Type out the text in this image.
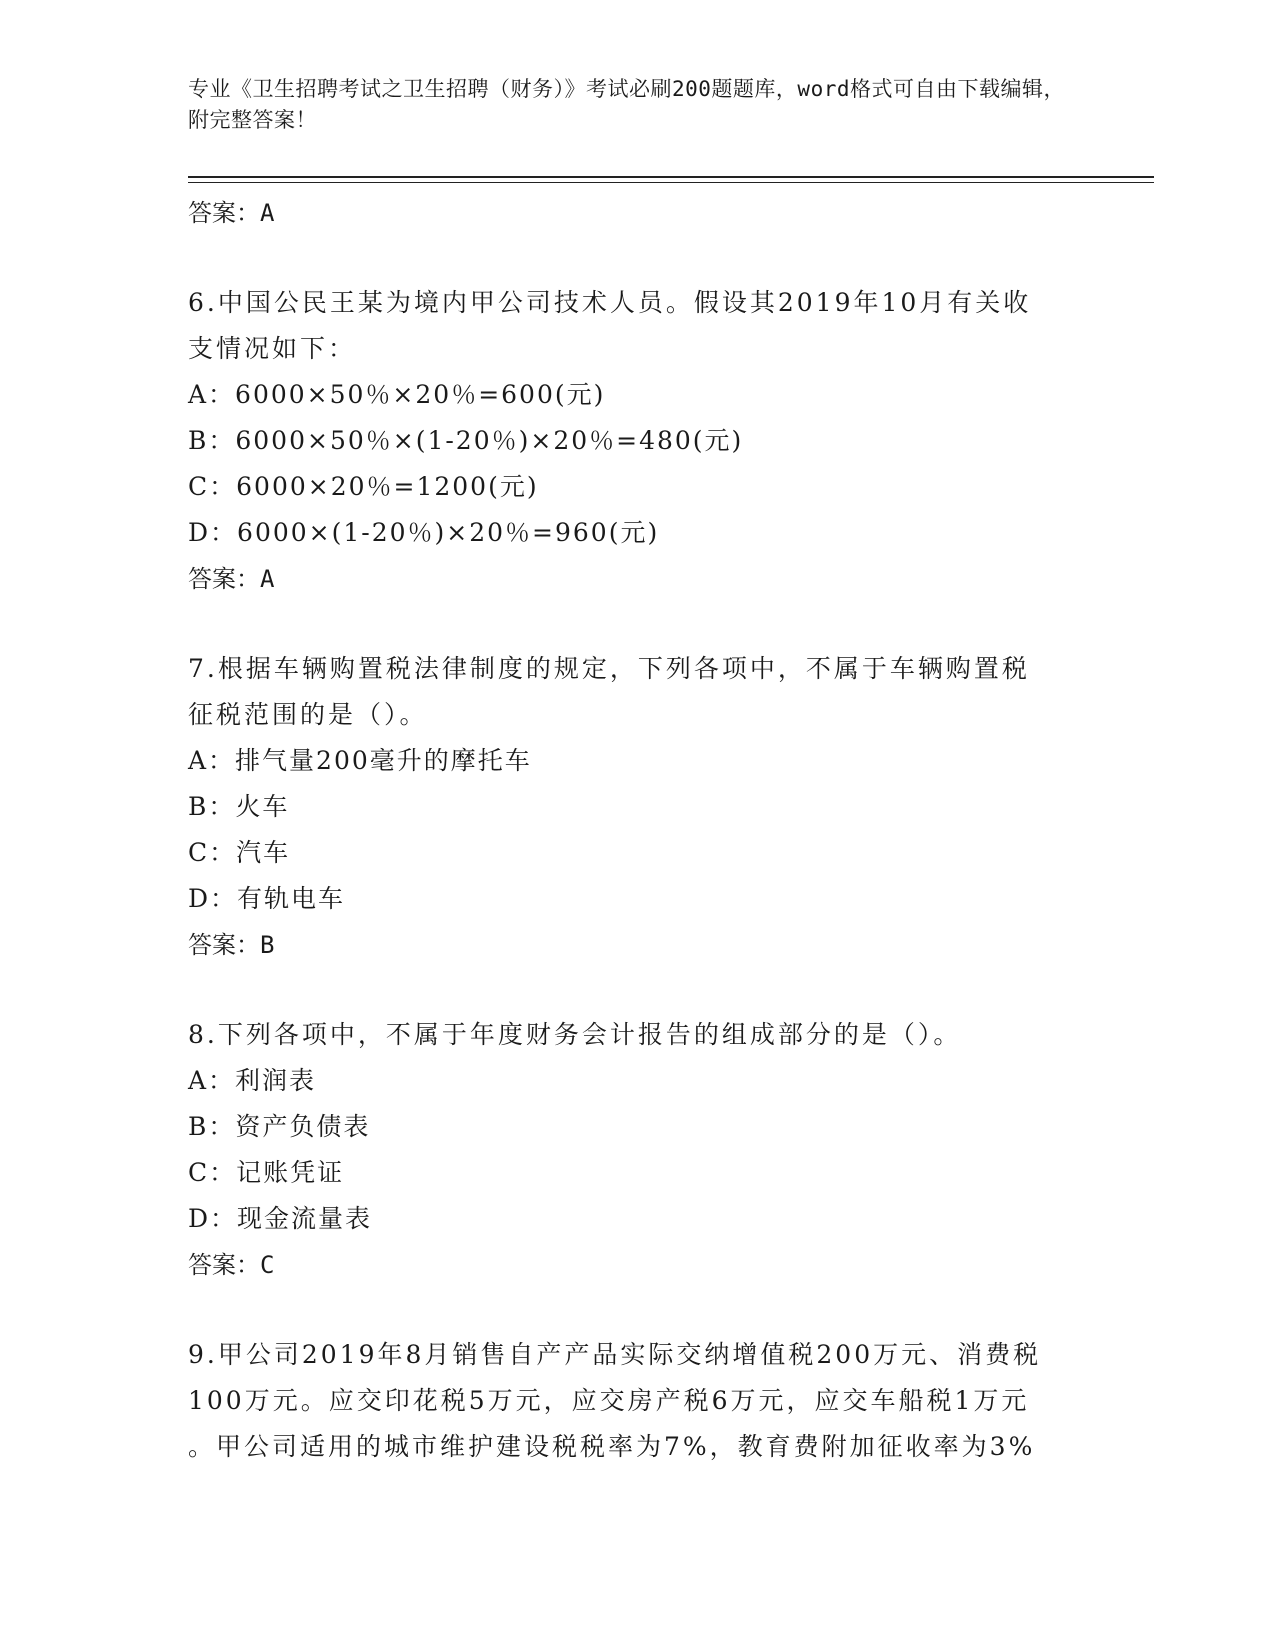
专业《卫生招聘考试之卫生招聘（财务）》考试必刷200题题库，word格式可自由下载编辑，附完整答案！
答案：A
6.中国公民王某为境内甲公司技术人员。假设其2019年10月有关收
支情况如下：
A：6000×50％×20％=600(元)
B：6000×50％×(1-20％)×20％=480(元)
C：6000×20％=1200(元)
D：6000×(1-20％)×20％=960(元)
答案：A
7.根据车辆购置税法律制度的规定，下列各项中，不属于车辆购置税
征税范围的是（）。
A：排气量200毫升的摩托车
B：火车
C：汽车
D：有轨电车
答案：B
8.下列各项中，不属于年度财务会计报告的组成部分的是（）。
A：利润表
B：资产负债表
C：记账凭证
D：现金流量表
答案：C
9.甲公司2019年8月销售自产产品实际交纳增值税200万元、消费税
100万元。应交印花税5万元，应交房产税6万元，应交车船税1万元
。甲公司适用的城市维护建设税税率为7%，教育费附加征收率为3%
